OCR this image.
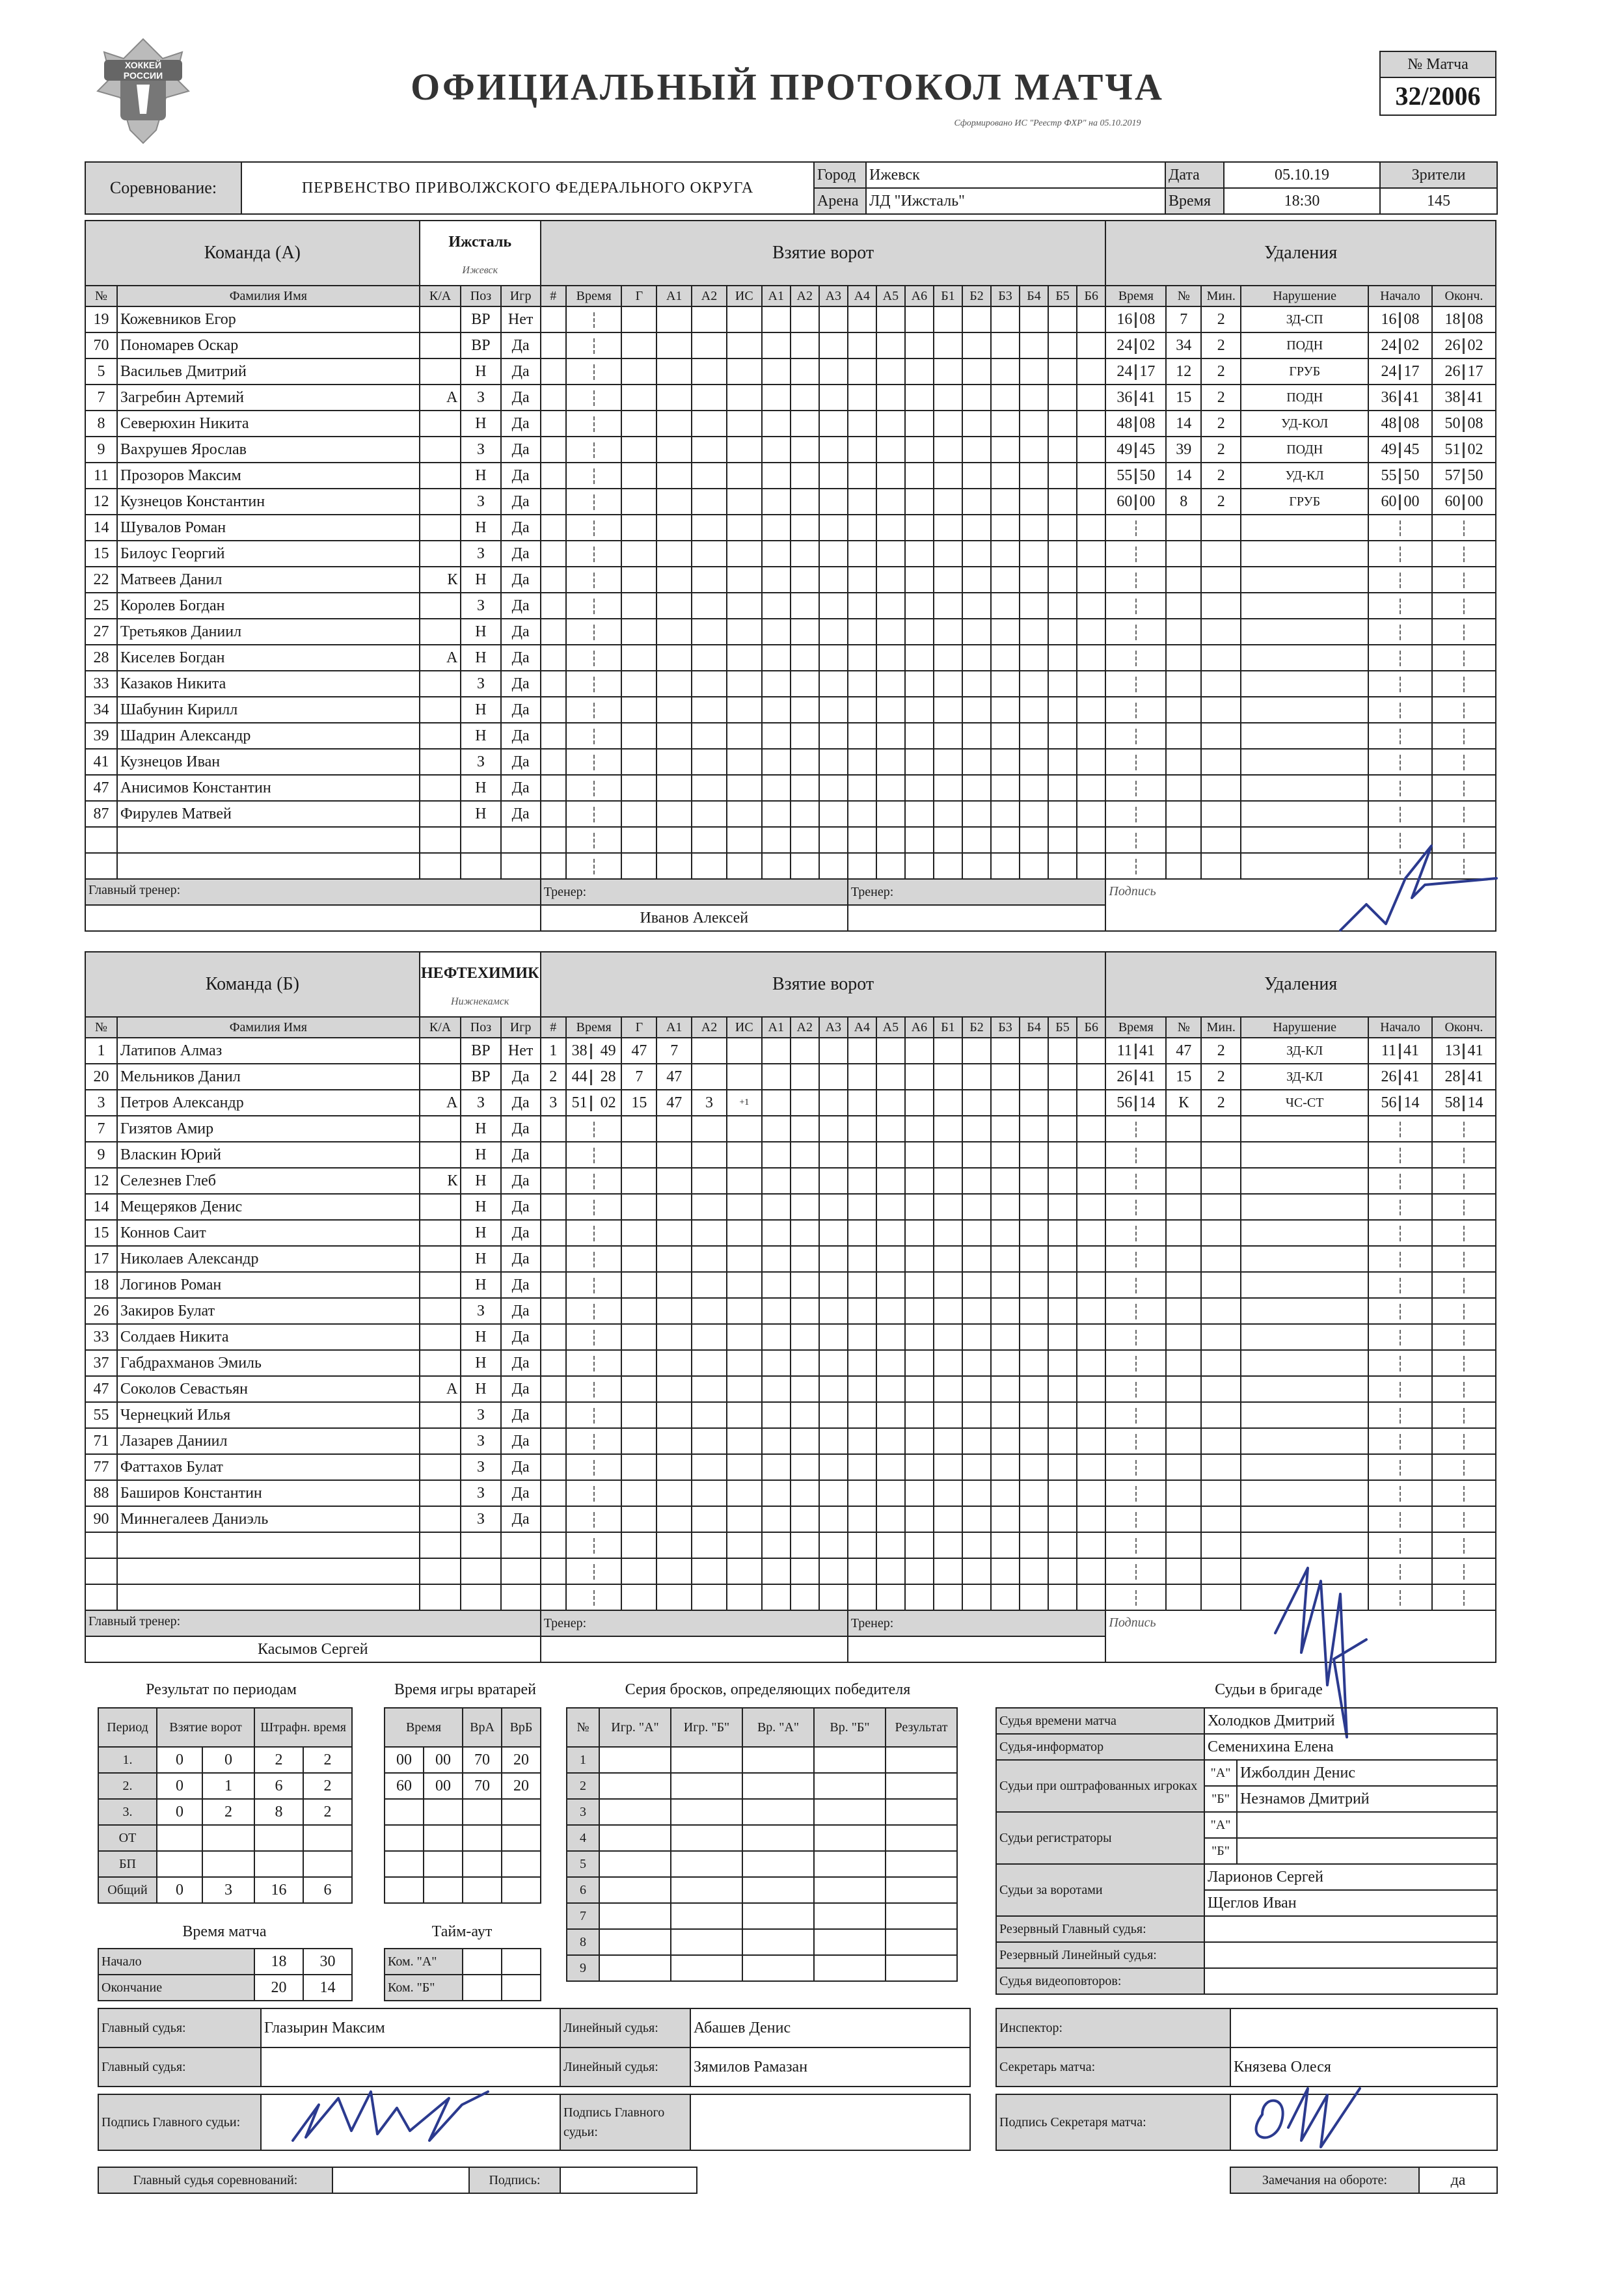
ХОККЕЙ РОССИИ	ОФИЦИАЛЬНЫЙ ПРОТОКОЛ МАТЧА
Сформировано ИС "Реестр ФХР" на 05.10.2019
№ Матча
32/2006
Соревнование:	ПЕРВЕНСТВО ПРИВОЛЖСКОГО ФЕДЕРАЛЬНОГО ОКРУГА	Город	Ижевск	Дата	05.10.19	Зрители
		Арена	ЛД "Ижсталь"	Время	18:30	145
Команда (А)		Ижсталь
Ижевск			Взятие ворот																		Удаления					
№	Фамилия Имя	К/А	Поз	Игр	#	Время	Г	А1	А2	ИС	А1	А2	А3	А4	А5	А6	Б1	Б2	Б3	Б4	Б5	Б6	Время	№	Мин.	Нарушение	Начало	Оконч.
19	Кожевников Егор		ВР	Нет																			16 08	7	2	ЗД-СП	16 08	18 08
70	Пономарев Оскар		ВР	Да																			24 02	34	2	ПОДН	24 02	26 02
5	Васильев Дмитрий		Н	Да																			24 17	12	2	ГРУБ	24 17	26 17
7	Загребин Артемий	А	З	Да																			36 41	15	2	ПОДН	36 41	38 41
8	Северюхин Никита		Н	Да																			48 08	14	2	УД-КОЛ	48 08	50 08
9	Вахрушев Ярослав		З	Да																			49 45	39	2	ПОДН	49 45	51 02
11	Прозоров Максим		Н	Да																			55 50	14	2	УД-КЛ	55 50	57 50
12	Кузнецов Константин		З	Да																			60 00	8	2	ГРУБ	60 00	60 00
14	Шувалов Роман		Н	Да																								
15	Билоус Георгий		З	Да																								
22	Матвеев Данил	К	Н	Да																								
25	Королев Богдан		З	Да																								
27	Третьяков Даниил		Н	Да																								
28	Киселев Богдан	А	Н	Да																								
33	Казаков Никита		З	Да																								
34	Шабунин Кирилл		Н	Да																								
39	Шадрин Александр		Н	Да																								
41	Кузнецов Иван		З	Да																								
47	Анисимов Константин		Н	Да																								
87	Фирулев Матвей		Н	Да																								

Главный тренер:					Тренер:									Тренер:									Подпись					
					Иванов Алексей																							
Команда (Б)		НЕФТЕХИМИК
Нижнекамск			Взятие ворот																		Удаления					
№	Фамилия Имя	К/А	Поз	Игр	#	Время	Г	А1	А2	ИС	А1	А2	А3	А4	А5	А6	Б1	Б2	Б3	Б4	Б5	Б6	Время	№	Мин.	Нарушение	Начало	Оконч.
1	Латипов Алмаз		ВР	Нет	1	38 49	47	7															11 41	47	2	ЗД-КЛ	11 41	13 41
20	Мельников Данил		ВР	Да	2	44 28	7	47															26 41	15	2	ЗД-КЛ	26 41	28 41
3	Петров Александр	А	З	Да	3	51 02	15	47	3	+1													56 14	К	2	ЧС-СТ	56 14	58 14
7	Гизятов Амир		Н	Да																								
9	Власкин Юрий		Н	Да																								
12	Селезнев Глеб	К	Н	Да																								
14	Мещеряков Денис		Н	Да																								
15	Коннов Саит		Н	Да																								
17	Николаев Александр		Н	Да																								
18	Логинов Роман		Н	Да																								
26	Закиров Булат		З	Да																								
33	Солдаев Никита		Н	Да																								
37	Габдрахманов Эмиль		Н	Да																								
47	Соколов Севастьян	А	Н	Да																								
55	Чернецкий Илья		З	Да																								
71	Лазарев Даниил		З	Да																								
77	Фаттахов Булат		З	Да																								
88	Баширов Константин		З	Да																								
90	Миннегалеев Даниэль		З	Да																								

Главный тренер:					Тренер:									Тренер:									Подпись					
Касымов Сергей																												
Результат по периодам
Период	Взятие ворот		Штрафн. время	
1.	0	0	2	2
2.	0	1	6	2
3.	0	2	8	2
ОТ				
БП				
Общий	0	3	16	6
Время игры вратарей
Время		ВрА	ВрБ
00	00	70	20
60	00	70	20

Серия бросков, определяющих победителя
№	Игр. "А"	Игр. "Б"	Вр. "А"	Вр. "Б"	Результат
1					
2					
3					
4					
5					
6					
7					
8					
9					
Время матча
Начало	18	30
Окончание	20	14
Тайм-аут
Ком. "А"		
Ком. "Б"		
Судьи в бригаде
Судья времени матча	Холодков Дмитрий	
Судья-информатор	Семенихина Елена	
Судьи при оштрафованных игроках	"А"	Ижболдин Денис
	"Б"	Незнамов Дмитрий
Судьи регистраторы	"А"	
	"Б"	
Судьи за воротами	Ларионов Сергей	
	Щеглов Иван	
Резервный Главный судья:		
Резервный Линейный судья:		
Судья видеоповторов:		
Главный судья:	Глазырин Максим	Линейный судья:	Абашев Денис
Главный судья:		Линейный судья:	Зямилов Рамазан
Инспектор:	
Секретарь матча:	Князева Олеся
Подпись Главного судьи:		Подпись Главного судьи:	
Подпись Секретаря матча:	
Главный судья соревнований:		Подпись:		Замечания на обороте:	да
